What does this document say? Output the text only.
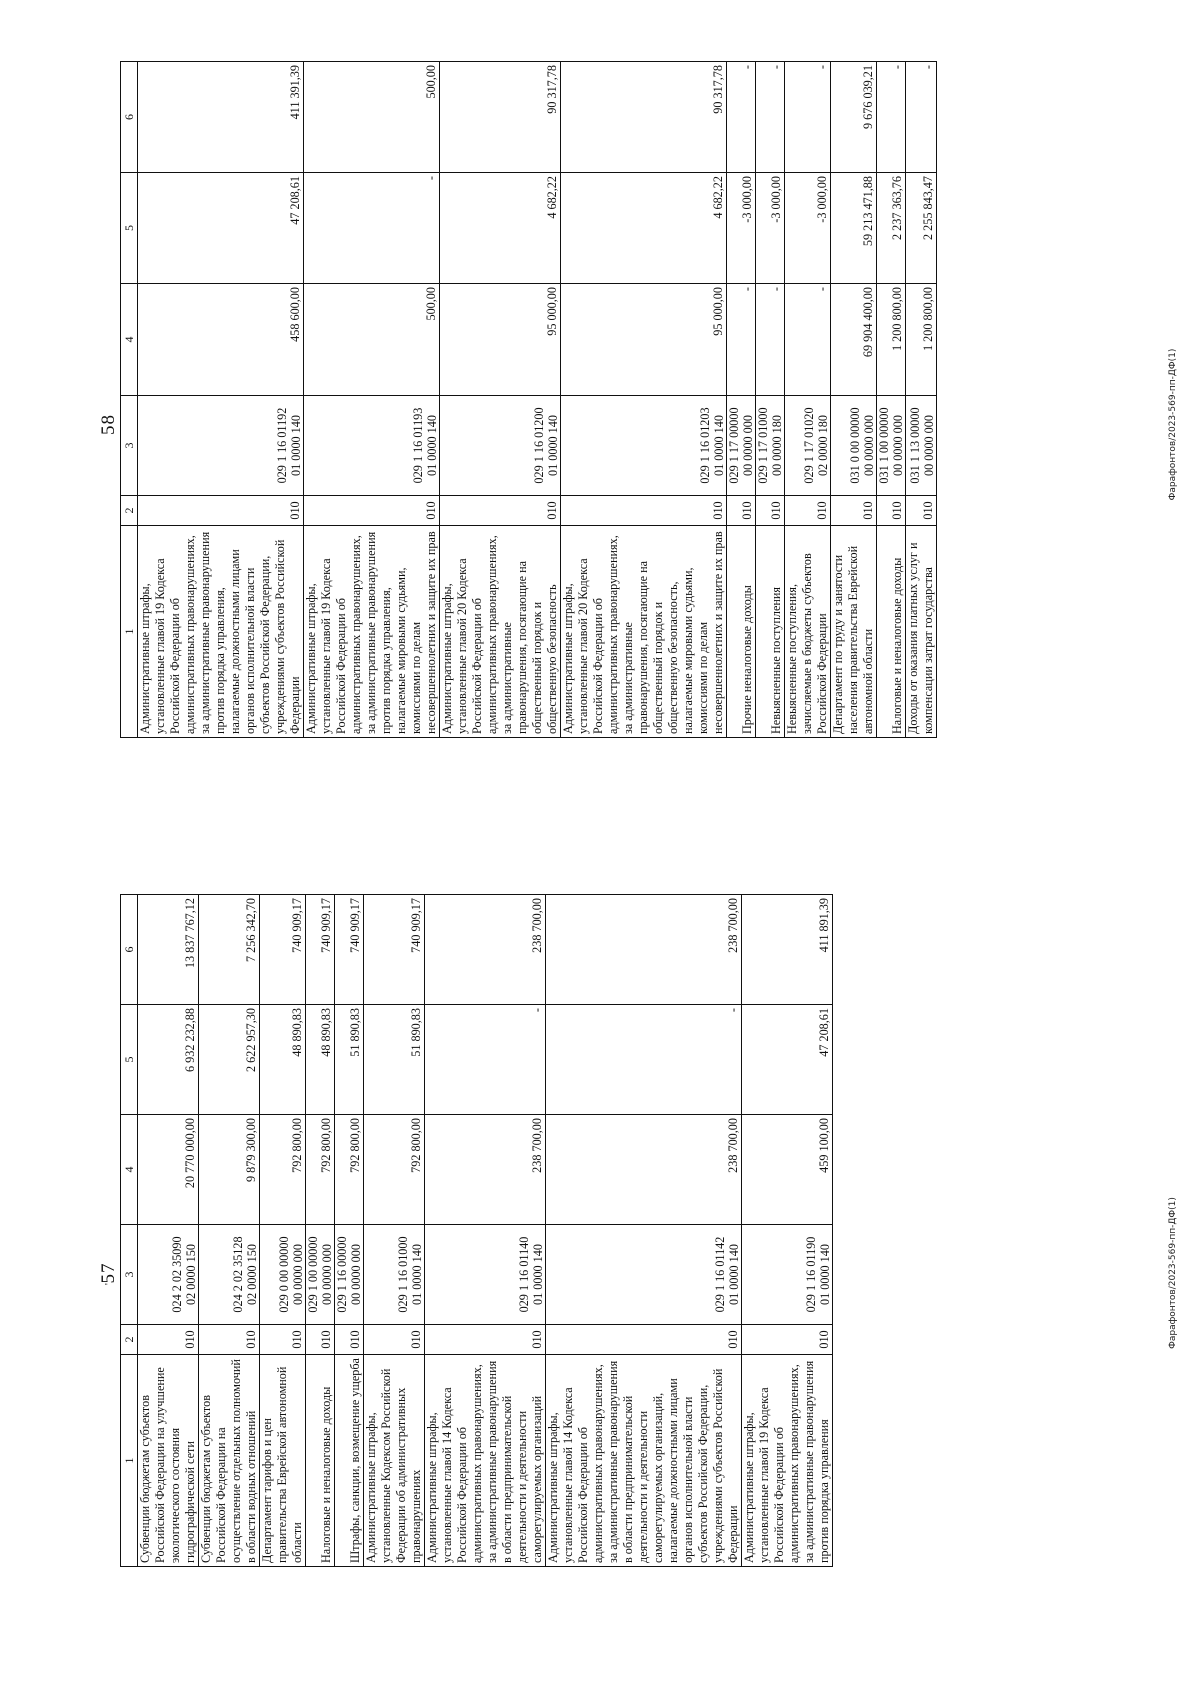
57
'
1	2	3	4	5	6
Субвенции бюджетам субъектов Российской Федерации на улучшение экологического состояния гидрографической сети	010	024 2 02 35090 02 0000 150	20 770 000,00	6 932 232,88	13 837 767,12
Субвенции бюджетам субъектов Российской Федерации на осуществление отдельных полномочий в области водных отношений	010	024 2 02 35128 02 0000 150	9 879 300,00	2 622 957,30	7 256 342,70
Департамент тарифов и цен правительства Еврейской автономной области	010	029 0 00 00000 00 0000 000	792 800,00	48 890,83	740 909,17
Налоговые и неналоговые доходы	010	029 1 00 00000 00 0000 000	792 800,00	48 890,83	740 909,17
Штрафы, санкции, возмещение ущерба	010	029 1 16 00000 00 0000 000	792 800,00	51 890,83	740 909,17
Административные штрафы, установленные Кодексом Российской Федерации об административных правонарушениях	010	029 1 16 01000 01 0000 140	792 800,00	51 890,83	740 909,17
Административные штрафы, установленные главой 14 Кодекса Российской Федерации об административных правонарушениях, за административные правонарушения в области предпринимательской деятельности и деятельности саморегулируемых организаций	010	029 1 16 01140 01 0000 140	238 700,00	-	238 700,00
Административные штрафы, установленные главой 14 Кодекса Российской Федерации об административных правонарушениях, за административные правонарушения в области предпринимательской деятельности и деятельности саморегулируемых организаций, налагаемые должностными лицами органов исполнительной власти субъектов Российской Федерации, учреждениями субъектов Российской Федерации	010	029 1 16 01142 01 0000 140	238 700,00	-	238 700,00
Административные штрафы, установленные главой 19 Кодекса Российской Федерации об административных правонарушениях, за административные правонарушения против порядка управления	010	029 1 16 01190 01 0000 140	459 100,00	47 208,61	411 891,39
Фарафонтов/2023-569-пп-ДФ(1)
58
1	2	3	4	5	6
Административные штрафы, установленные главой 19 Кодекса Российской Федерации об административных правонарушениях, за административные правонарушения против порядка управления, налагаемые должностными лицами органов исполнительной власти субъектов Российской Федерации, учреждениями субъектов Российской Федерации	010	029 1 16 01192 01 0000 140	458 600,00	47 208,61	411 391,39
Административные штрафы, установленные главой 19 Кодекса Российской Федерации об административных правонарушениях, за административные правонарушения против порядка управления, налагаемые мировыми судьями, комиссиями по делам несовершеннолетних и защите их прав	010	029 1 16 01193 01 0000 140	500,00	-	500,00
Административные штрафы, установленные главой 20 Кодекса Российской Федерации об административных правонарушениях, за административные правонарушения, посягающие на общественный порядок и общественную безопасность	010	029 1 16 01200 01 0000 140	95 000,00	4 682,22	90 317,78
Административные штрафы, установленные главой 20 Кодекса Российской Федерации об административных правонарушениях, за административные правонарушения, посягающие на общественный порядок и общественную безопасность, налагаемые мировыми судьями, комиссиями по делам несовершеннолетних и защите их прав	010	029 1 16 01203 01 0000 140	95 000,00	4 682,22	90 317,78
Прочие неналоговые доходы	010	029 1 17 00000 00 0000 000	-	-3 000,00	-
Невыясненные поступления	010	029 1 17 01000 00 0000 180	-	-3 000,00	-
Невыясненные поступления, зачисляемые в бюджеты субъектов Российской Федерации	010	029 1 17 01020 02 0000 180	-	-3 000,00	-
Департамент по труду и занятости населения правительства Еврейской автономной области	010	031 0 00 00000 00 0000 000	69 904 400,00	59 213 471,88	9 676 039,21
Налоговые и неналоговые доходы	010	031 1 00 00000 00 0000 000	1 200 800,00	2 237 363,76	-
Доходы от оказания платных услуг и компенсации затрат государства	010	031 1 13 00000 00 0000 000	1 200 800,00	2 255 843,47	-
Фарафонтов/2023-569-пп-ДФ(1)
